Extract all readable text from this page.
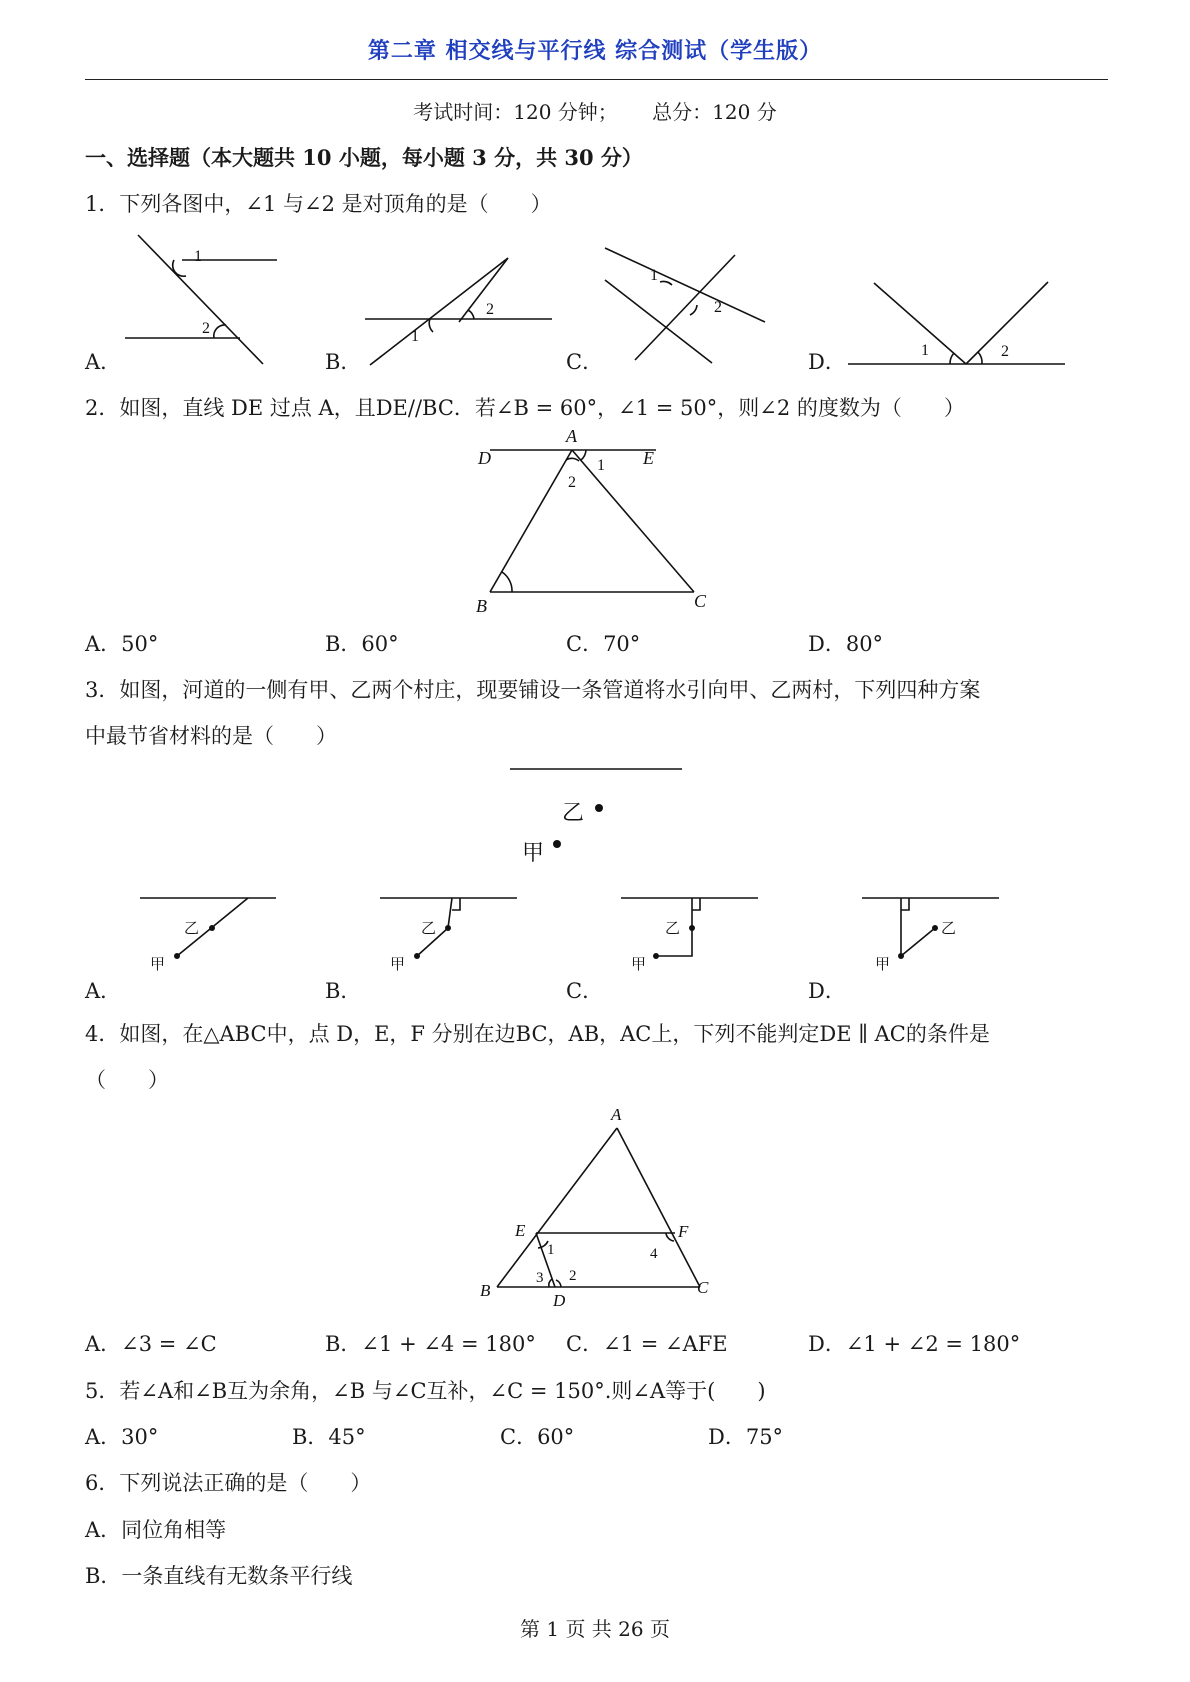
第二章 相交线与平行线 综合测试（学生版）
考试时间：120 分钟； 总分：120 分
一、选择题（本大题共 10 小题，每小题 3 分，共 30 分）
1．下列各图中，∠1 与∠2 是对顶角的是（　　）
1
2	1
2
1
2
1	2
A．	B．	C．	D．
2．如图，直线 DE 过点 A，且DE//BC．若∠B = 60°，∠1 = 50°，则∠2 的度数为（　　）
A
D	E
B	C
1
2
A．50°	B．60°	C．70°	D．80°
3．如图，河道的一侧有甲、乙两个村庄，现要铺设一条管道将水引向甲、乙两村，下列四种方案
中最节省材料的是（　　）
乙
甲
甲
乙
甲
乙
甲
乙
甲
乙
A．	B．	C．	D．
4．如图，在△ABC中，点 D，E，F 分别在边BC，AB，AC上，下列不能判定DE ∥ AC的条件是
（　　）
A
B	C
D
E	F
1
2
3
4
A．∠3 = ∠C	B．∠1 + ∠4 = 180° C．∠1 = ∠AFE	D．∠1 + ∠2 = 180°
5．若∠A和∠B互为余角，∠B 与∠C互补，∠C = 150°.则∠A等于(　　)
A．30°	B．45°	C．60°	D．75°
6．下列说法正确的是（　　）
A．同位角相等
B．一条直线有无数条平行线
第 1 页 共 26 页
